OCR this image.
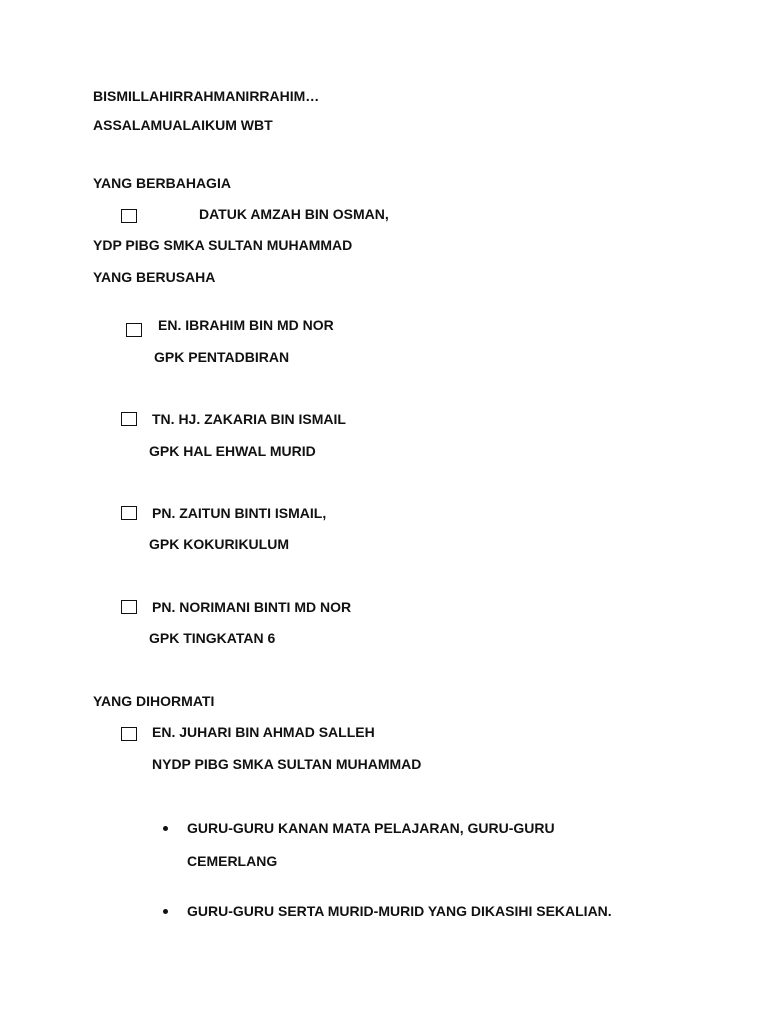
BISMILLAHIRRAHMANIRRAHIM…
ASSALAMUALAIKUM WBT
YANG BERBAHAGIA
DATUK AMZAH BIN OSMAN,
YDP PIBG SMKA SULTAN MUHAMMAD
YANG BERUSAHA
EN. IBRAHIM BIN MD NOR
GPK PENTADBIRAN
TN. HJ. ZAKARIA BIN ISMAIL
GPK HAL EHWAL MURID
PN. ZAITUN BINTI ISMAIL,
GPK KOKURIKULUM
PN. NORIMANI BINTI MD NOR
GPK TINGKATAN 6
YANG DIHORMATI
EN. JUHARI BIN AHMAD SALLEH
NYDP PIBG SMKA SULTAN MUHAMMAD
GURU-GURU KANAN MATA PELAJARAN, GURU-GURU
CEMERLANG
GURU-GURU SERTA MURID-MURID YANG DIKASIHI SEKALIAN.
